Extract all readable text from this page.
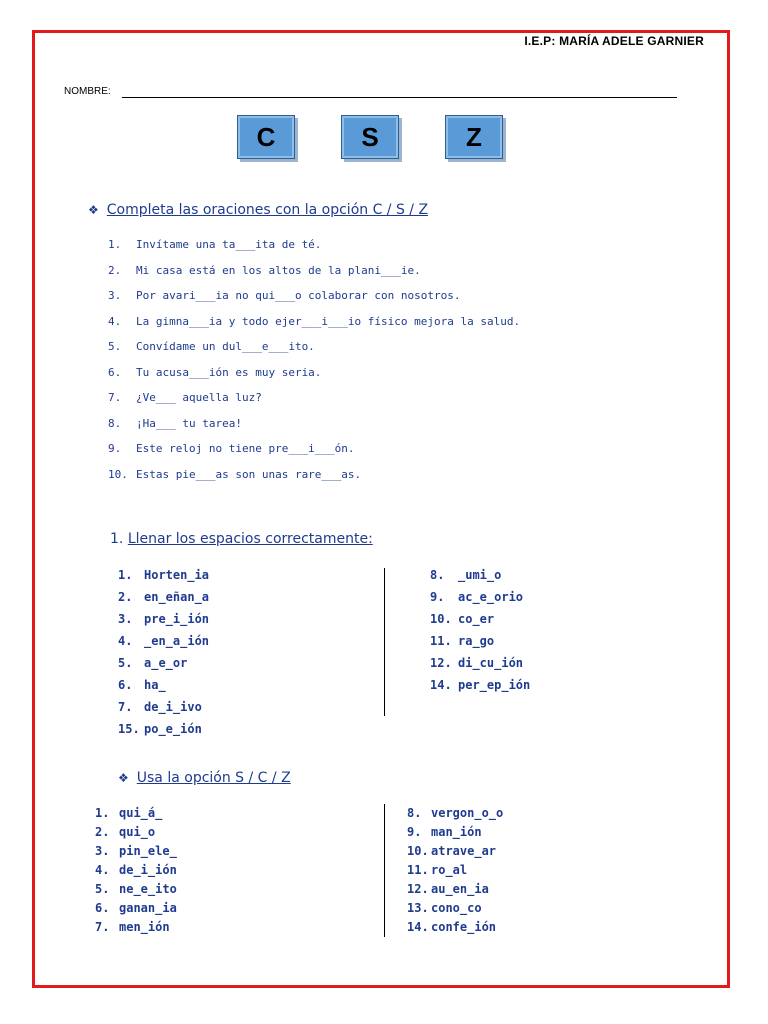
I.E.P: MARÍA ADELE GARNIER
NOMBRE:
C	S	Z
❖ Completa las oraciones con la opción C / S / Z
1.	Invítame una ta___ita de té.
2.	Mi casa está en los altos de la plani___ie.
3.	Por avari___ia no qui___o colaborar con nosotros.
4.	La gimna___ia y todo ejer___i___io físico mejora la salud.
5.	Convídame un dul___e___ito.
6.	Tu acusa___ión es muy seria.
7.	¿Ve___ aquella luz?
8.	¡Ha___ tu tarea!
9.	Este reloj no tiene pre___i___ón.
10. Estas pie___as son unas rare___as.
1. Llenar los espacios correctamente:
1. Horten_ia
2. en_eñan_a
3. pre_i_ión
4. _en_a_ión
5. a_e_or
6. ha_
7. de_i_ivo
15. po_e_ión
8.	_umi_o
9.	ac_e_orio
10. co_er
11. ra_go
12. di_cu_ión
14. per_ep_ión
❖ Usa la opción S / C / Z
1. qui_á_
2. qui_o
3. pin_ele_
4. de_i_ión
5. ne_e_ito
6. ganan_ia
7. men_ión
8. vergon_o_o
9. man_ión
10. atrave_ar
11. ro_al
12. au_en_ia
13. cono_co
14. confe_ión
